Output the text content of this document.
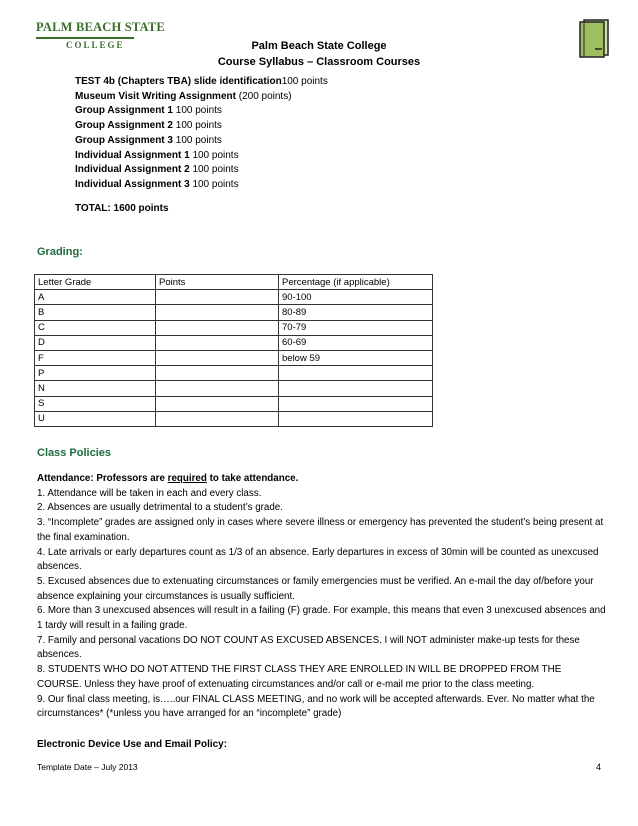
PALM BEACH STATE
COLLEGE	Palm Beach State College
Course Syllabus – Classroom Courses
TEST 4b (Chapters TBA) slide identification100 points
Museum Visit Writing Assignment (200 points)
Group Assignment 1 100 points
Group Assignment 2 100 points
Group Assignment 3 100 points
Individual Assignment 1 100 points
Individual Assignment 2 100 points
Individual Assignment 3 100 points
TOTAL: 1600 points
Grading:
Letter Grade	Points	Percentage (if applicable)
A		90-100
B		80-89
C		70-79
D		60-69
F		below 59
P		
N		
S		
U		
Class Policies

Attendance: Professors are required to take attendance.

1. Attendance will be taken in each and every class.

2. Absences are usually detrimental to a student’s grade.

3. “Incomplete” grades are assigned only in cases where severe illness or emergency has prevented the student’s being present at the final examination.

4. Late arrivals or early departures count as 1/3 of an absence. Early departures in excess of 30min will be counted as unexcused absences.

5. Excused absences due to extenuating circumstances or family emergencies must be verified. An e-mail the day of/before your absence explaining your circumstances is usually sufficient.

6. More than 3 unexcused absences will result in a failing (F) grade. For example, this means that even 3 unexcused absences and 1 tardy will result in a failing grade.

7. Family and personal vacations DO NOT COUNT AS EXCUSED ABSENCES. I will NOT administer make-up tests for these absences.

8. STUDENTS WHO DO NOT ATTEND THE FIRST CLASS THEY ARE ENROLLED IN WILL BE DROPPED FROM THE COURSE. Unless they have proof of extenuating circumstances and/or call or e-mail me prior to the class meeting.

9. Our final class meeting, is…..our FINAL CLASS MEETING, and no work will be accepted afterwards. Ever. No matter what the circumstances* (*unless you have arranged for an “incomplete” grade)

Electronic Device Use and Email Policy:
Template Date – July 2013	4
